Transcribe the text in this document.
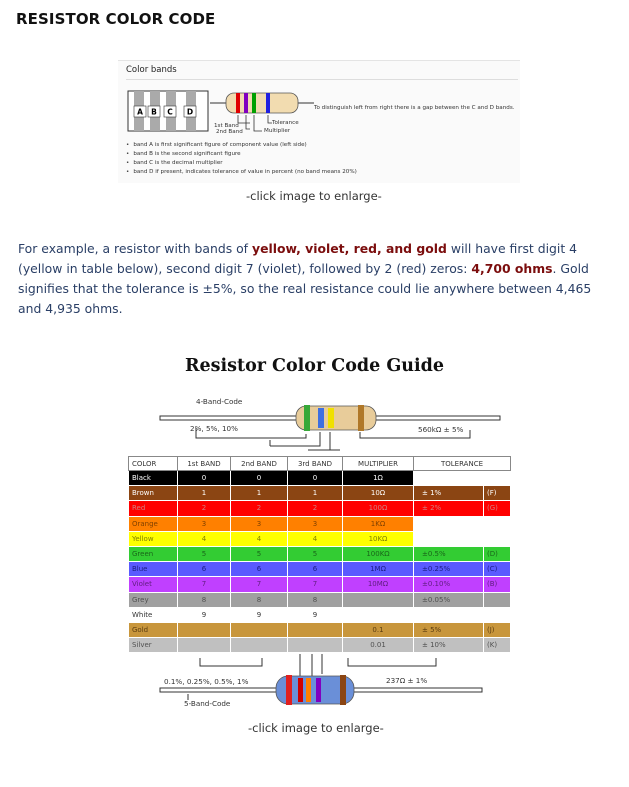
RESISTOR COLOR CODE
Color bands
A B C D	To distinguish left from right there is a gap between the C and D bands.
1st Band
2nd Band
Tolerance
Multiplier
• band A is first significant figure of component value (left side)
• band B is the second significant figure
• band C is the decimal multiplier
• band D if present, indicates tolerance of value in percent (no band means 20%)
-click image to enlarge-
For example, a resistor with bands of yellow, violet, red, and gold will have first digit 4 (yellow in table below), second digit 7 (violet), followed by 2 (red) zeros: 4,700 ohms. Gold signifies that the tolerance is ±5%, so the real resistance could lie anywhere between 4,465 and 4,935 ohms.
Resistor Color Code Guide
4-Band-Code
2%, 5%, 10%	560kΩ ± 5%
0.1%, 0.25%, 0.5%, 1%	237Ω ± 1%
5-Band-Code
COLOR	1st BAND	2nd BAND	3rd BAND	MULTIPLIER	TOLERANCE	
Black	0	0	0	1Ω		
Brown	1	1	1	10Ω	± 1%	(F)
Red	2	2	2	100Ω	± 2%	(G)
Orange	3	3	3	1KΩ		
Yellow	4	4	4	10KΩ		
Green	5	5	5	100KΩ	±0.5%	(D)
Blue	6	6	6	1MΩ	±0.25%	(C)
Violet	7	7	7	10MΩ	±0.10%	(B)
Grey	8	8	8		±0.05%	
White	9	9	9			
Gold				0.1	± 5%	(J)
Silver				0.01	± 10%	(K)
-click image to enlarge-
